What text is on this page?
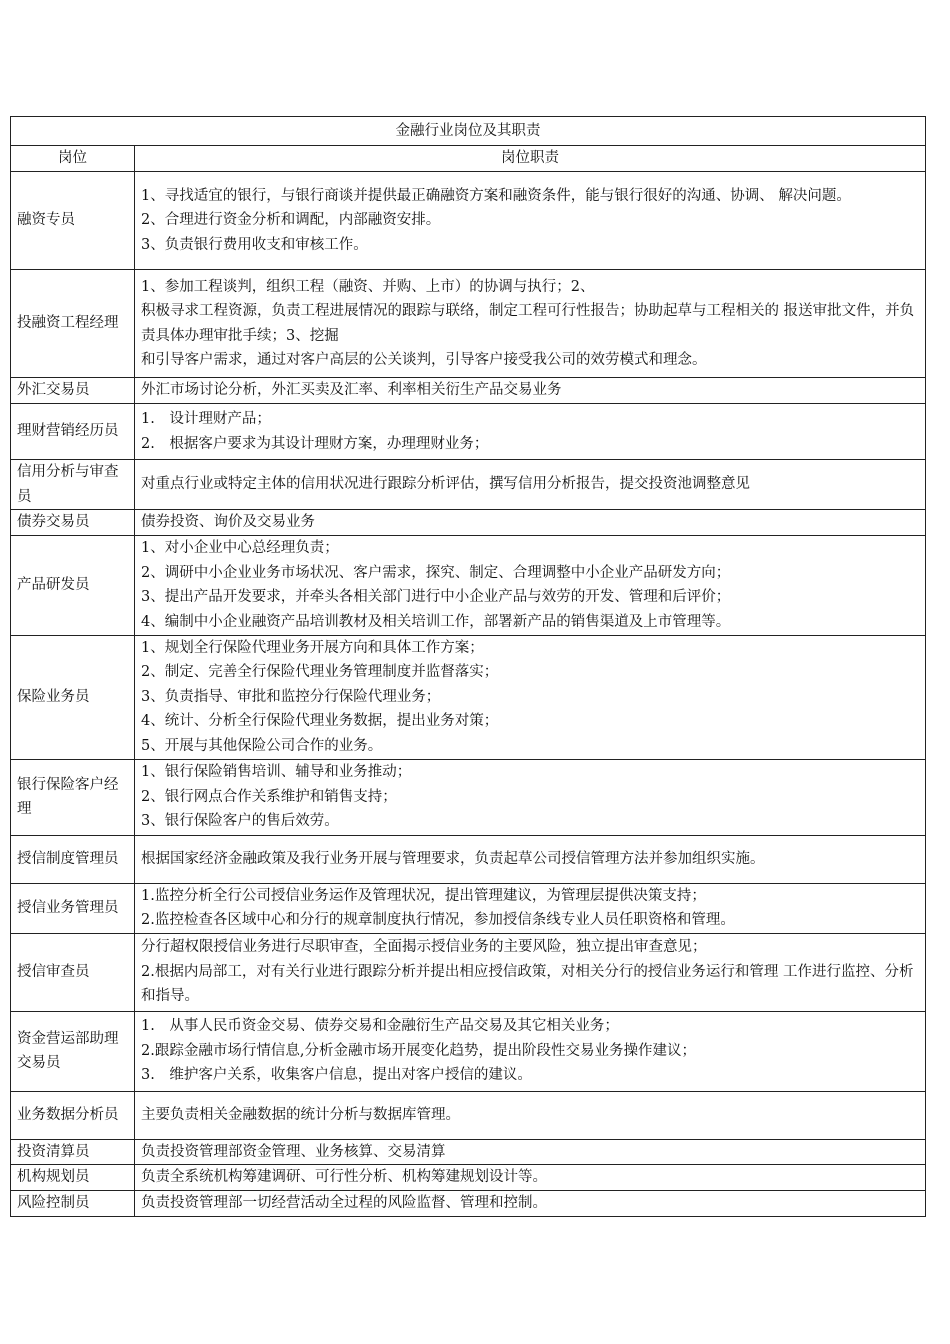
金融行业岗位及其职责	
岗位	岗位职责
融资专员	1、寻找适宜的银行，与银行商谈并提供最正确融资方案和融资条件，能与银行很好的沟通、协调、 解决问题。
2、合理进行资金分析和调配，内部融资安排。
3、负责银行费用收支和审核工作。

投融资工程经理	1、参加工程谈判，组织工程（融资、并购、上市）的协调与执行；2、
积极寻求工程资源，负责工程进展情况的跟踪与联络，制定工程可行性报告；协助起草与工程相关的 报送审批文件，并负责具体办理审批手续；3、挖掘
和引导客户需求，通过对客户高层的公关谈判，引导客户接受我公司的效劳模式和理念。

外汇交易员	外汇市场讨论分析，外汇买卖及汇率、利率相关衍生产品交易业务

理财营销经历员	1.　设计理财产品；
2.　根据客户要求为其设计理财方案，办理理财业务；

信用分析与审查员	对重点行业或特定主体的信用状况进行跟踪分析评估，撰写信用分析报告，提交投资池调整意见

债券交易员	债券投资、询价及交易业务

产品研发员	1、对小企业中心总经理负责；
2、调研中小企业业务市场状况、客户需求，探究、制定、合理调整中小企业产品研发方向；
3、提出产品开发要求，并牵头各相关部门进行中小企业产品与效劳的开发、管理和后评价；
4、编制中小企业融资产品培训教材及相关培训工作，部署新产品的销售渠道及上市管理等。

保险业务员	1、规划全行保险代理业务开展方向和具体工作方案；
2、制定、完善全行保险代理业务管理制度并监督落实；
3、负责指导、审批和监控分行保险代理业务；
4、统计、分析全行保险代理业务数据，提出业务对策；
5、开展与其他保险公司合作的业务。

银行保险客户经理	1、银行保险销售培训、辅导和业务推动；
2、银行网点合作关系维护和销售支持；
3、银行保险客户的售后效劳。

授信制度管理员	根据国家经济金融政策及我行业务开展与管理要求，负责起草公司授信管理方法并参加组织实施。

授信业务管理员	1.监控分析全行公司授信业务运作及管理状况，提出管理建议，为管理层提供决策支持；
2.监控检查各区域中心和分行的规章制度执行情况，参加授信条线专业人员任职资格和管理。

授信审查员	分行超权限授信业务进行尽职审查，全面揭示授信业务的主要风险，独立提出审查意见；
2.根据内局部工，对有关行业进行跟踪分析并提出相应授信政策，对相关分行的授信业务运行和管理 工作进行监控、分析和指导。

资金营运部助理交易员	1.　从事人民币资金交易、债券交易和金融衍生产品交易及其它相关业务；
2.跟踪金融市场行情信息,分析金融市场开展变化趋势，提出阶段性交易业务操作建议；
3.　维护客户关系，收集客户信息，提出对客户授信的建议。

业务数据分析员	主要负责相关金融数据的统计分析与数据库管理。

投资清算员	负责投资管理部资金管理、业务核算、交易清算

机构规划员	负责全系统机构筹建调研、可行性分析、机构筹建规划设计等。

风险控制员	负责投资管理部一切经营活动全过程的风险监督、管理和控制。
